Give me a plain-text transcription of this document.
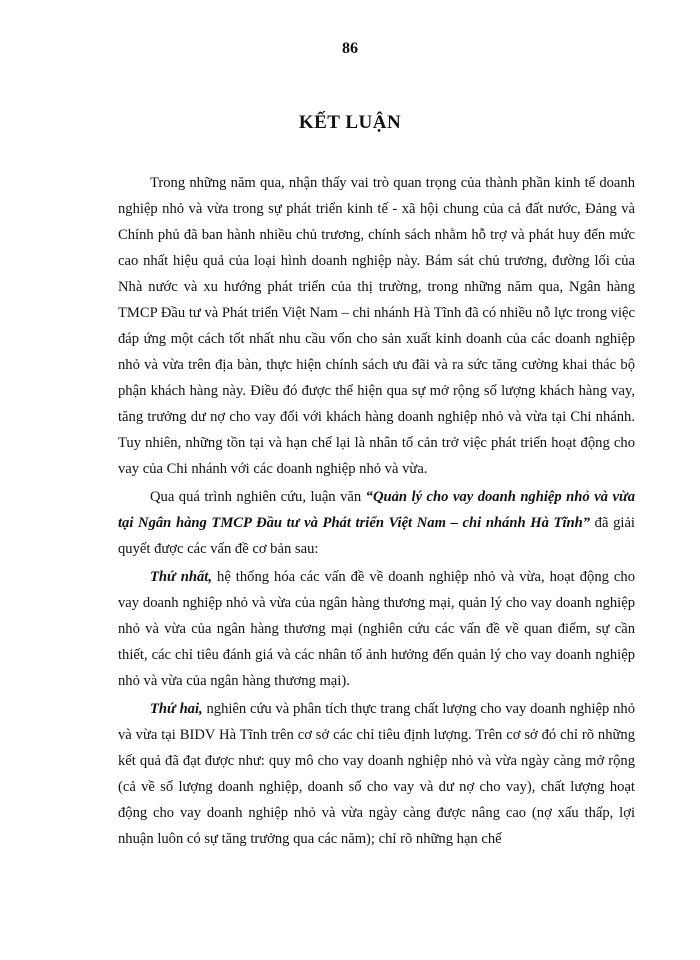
86
KẾT LUẬN

Trong những năm qua, nhận thấy vai trò quan trọng của thành phần kinh tế doanh nghiệp nhỏ và vừa trong sự phát triển kinh tế - xã hội chung của cả đất nước, Đảng và Chính phủ đã ban hành nhiều chủ trương, chính sách nhằm hỗ trợ và phát huy đến mức cao nhất hiệu quả của loại hình doanh nghiệp này. Bám sát chủ trương, đường lối của Nhà nước và xu hướng phát triển của thị trường, trong những năm qua, Ngân hàng TMCP Đầu tư và Phát triển Việt Nam – chi nhánh Hà Tĩnh đã có nhiều nỗ lực trong việc đáp ứng một cách tốt nhất nhu cầu vốn cho sản xuất kinh doanh của các doanh nghiệp nhỏ và vừa trên địa bàn, thực hiện chính sách ưu đãi và ra sức tăng cường khai thác bộ phận khách hàng này. Điều đó được thể hiện qua sự mở rộng số lượng khách hàng vay, tăng trưởng dư nợ cho vay đối với khách hàng doanh nghiệp nhỏ và vừa tại Chi nhánh. Tuy nhiên, những tồn tại và hạn chế lại là nhân tố cản trở việc phát triển hoạt động cho vay của Chi nhánh với các doanh nghiệp nhỏ và vừa.

Qua quá trình nghiên cứu, luận văn “Quản lý cho vay doanh nghiệp nhỏ và vừa tại Ngân hàng TMCP Đầu tư và Phát triển Việt Nam – chi nhánh Hà Tĩnh” đã giải quyết được các vấn đề cơ bản sau:

Thứ nhất, hệ thống hóa các vấn đề về doanh nghiệp nhỏ và vừa, hoạt động cho vay doanh nghiệp nhỏ và vừa của ngân hàng thương mại, quản lý cho vay doanh nghiệp nhỏ và vừa của ngân hàng thương mại (nghiên cứu các vấn đề về quan điểm, sự cần thiết, các chỉ tiêu đánh giá và các nhân tố ảnh hưởng đến quản lý cho vay doanh nghiệp nhỏ và vừa của ngân hàng thương mại).

Thứ hai, nghiên cứu và phân tích thực trang chất lượng cho vay doanh nghiệp nhỏ và vừa tại BIDV Hà Tĩnh trên cơ sở các chỉ tiêu định lượng. Trên cơ sở đó chỉ rõ những kết quả đã đạt được như: quy mô cho vay doanh nghiệp nhỏ và vừa ngày càng mở rộng (cả về số lượng doanh nghiệp, doanh số cho vay và dư nợ cho vay), chất lượng hoạt động cho vay doanh nghiệp nhỏ và vừa ngày càng được nâng cao (nợ xấu thấp, lợi nhuận luôn có sự tăng trưởng qua các năm); chỉ rõ những hạn chế
